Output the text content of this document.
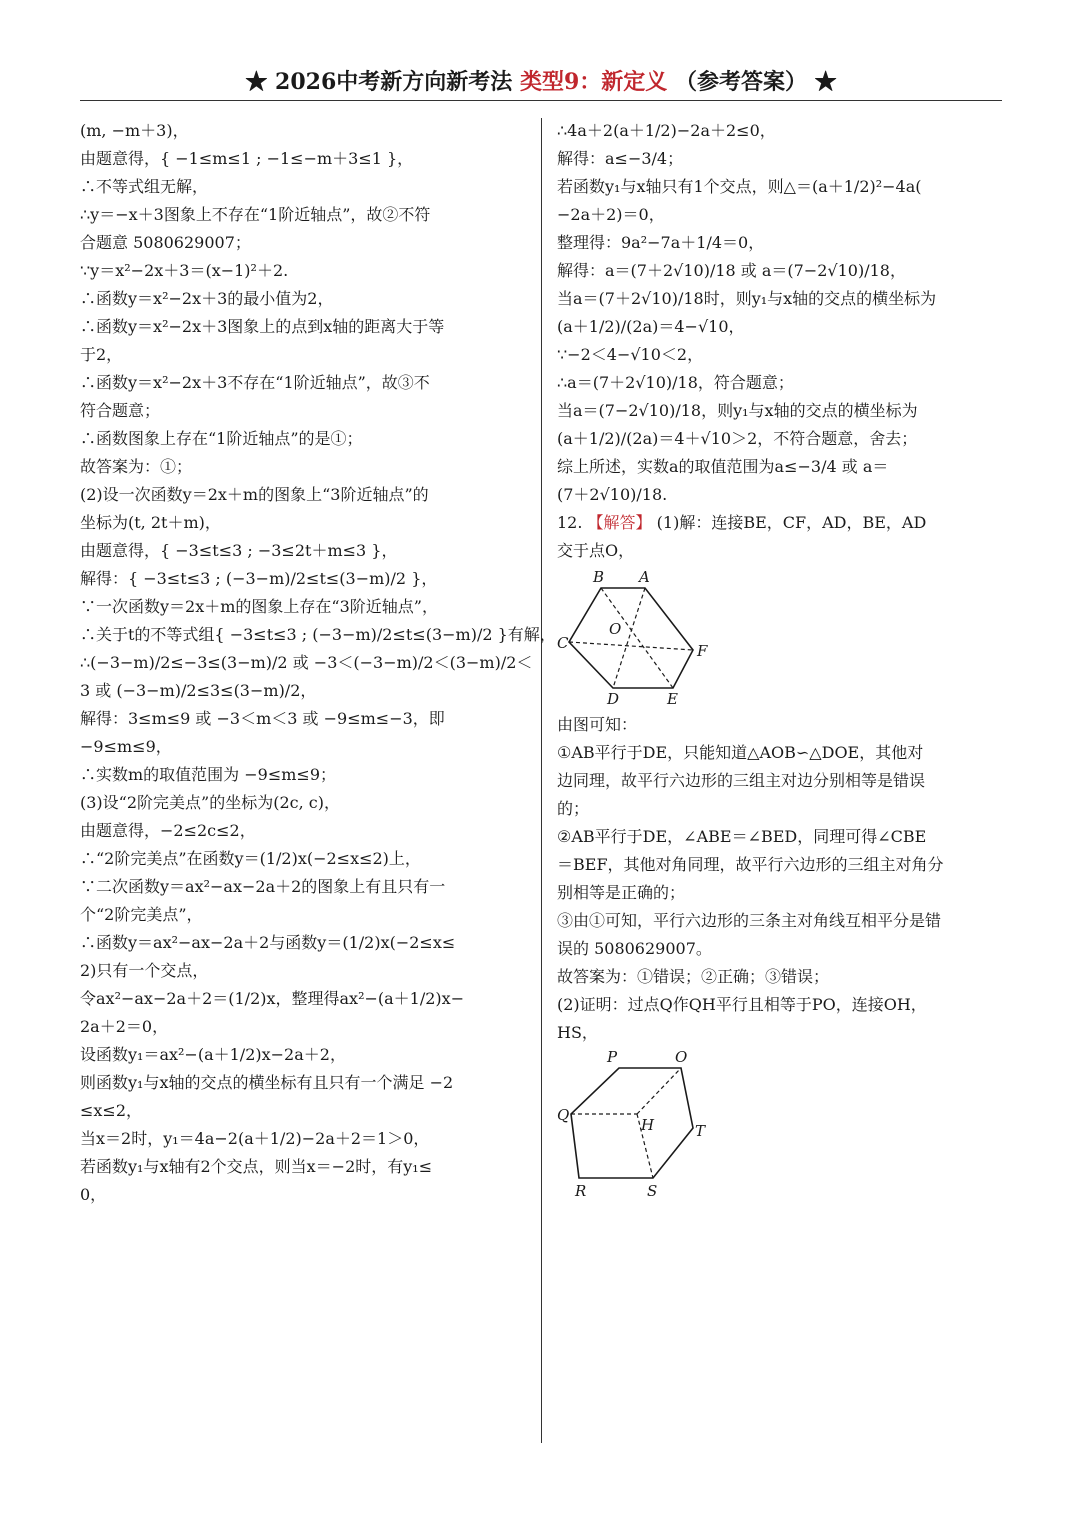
★ 2026中考新方向新考法 类型9：新定义 （参考答案） ★
(m, −m＋3)，
由题意得，{ −1≤m≤1 ; −1≤−m＋3≤1 }，
∴不等式组无解，
∴y＝−x＋3图象上不存在“1阶近轴点”，故②不符
合题意 5080629007；
∵y＝x²−2x＋3＝(x−1)²＋2.
∴函数y＝x²−2x＋3的最小值为2，
∴函数y＝x²−2x＋3图象上的点到x轴的距离大于等
于2，
∴函数y＝x²−2x＋3不存在“1阶近轴点”，故③不
符合题意；
∴函数图象上存在“1阶近轴点”的是①；
故答案为：①；
(2)设一次函数y＝2x＋m的图象上“3阶近轴点”的
坐标为(t, 2t＋m)，
由题意得，{ −3≤t≤3 ; −3≤2t＋m≤3 }，
解得：{ −3≤t≤3 ; (−3−m)/2≤t≤(3−m)/2 }，
∵一次函数y＝2x＋m的图象上存在“3阶近轴点”，
∴关于t的不等式组{ −3≤t≤3 ; (−3−m)/2≤t≤(3−m)/2 }有解，
∴(−3−m)/2≤−3≤(3−m)/2 或 −3＜(−3−m)/2＜(3−m)/2＜
3 或 (−3−m)/2≤3≤(3−m)/2，
解得：3≤m≤9 或 −3＜m＜3 或 −9≤m≤−3，即
−9≤m≤9，
∴实数m的取值范围为 −9≤m≤9；
(3)设“2阶完美点”的坐标为(2c, c)，
由题意得，−2≤2c≤2，
∴“2阶完美点”在函数y＝(1/2)x(−2≤x≤2)上，
∵二次函数y＝ax²−ax−2a＋2的图象上有且只有一
个“2阶完美点”，
∴函数y＝ax²−ax−2a＋2与函数y＝(1/2)x(−2≤x≤
2)只有一个交点，
令ax²−ax−2a＋2＝(1/2)x，整理得ax²−(a＋1/2)x−
2a＋2＝0，
设函数y₁＝ax²−(a＋1/2)x−2a＋2，
则函数y₁与x轴的交点的横坐标有且只有一个满足 −2
≤x≤2，
当x＝2时，y₁＝4a−2(a＋1/2)−2a＋2＝1＞0，
若函数y₁与x轴有2个交点，则当x＝−2时，有y₁≤
0，
∴4a＋2(a＋1/2)−2a＋2≤0，
解得：a≤−3/4；
若函数y₁与x轴只有1个交点，则△＝(a＋1/2)²−4a(
−2a＋2)＝0，
整理得：9a²−7a＋1/4＝0，
解得：a＝(7＋2√10)/18 或 a＝(7−2√10)/18，
当a＝(7＋2√10)/18时，则y₁与x轴的交点的横坐标为
(a＋1/2)/(2a)＝4−√10，
∵−2＜4−√10＜2，
∴a＝(7＋2√10)/18，符合题意；
当a＝(7−2√10)/18，则y₁与x轴的交点的横坐标为
(a＋1/2)/(2a)＝4＋√10＞2，不符合题意，舍去；
综上所述，实数a的取值范围为a≤−3/4 或 a＝
(7＋2√10)/18.
12. 【解答】 (1)解：连接BE，CF，AD，BE，AD
交于点O，
B A
O
C	F
D	E
由图可知：
①AB平行于DE，只能知道△AOB∽△DOE，其他对
边同理，故平行六边形的三组主对边分别相等是错误
的；
②AB平行于DE，∠ABE＝∠BED，同理可得∠CBE
＝BEF，其他对角同理，故平行六边形的三组主对角分
别相等是正确的；
③由①可知，平行六边形的三条主对角线互相平分是错
误的 5080629007。
故答案为：①错误；②正确；③错误；
(2)证明：过点Q作QH平行且相等于PO，连接OH，
HS，
P	O
Q
H	T
R	S
